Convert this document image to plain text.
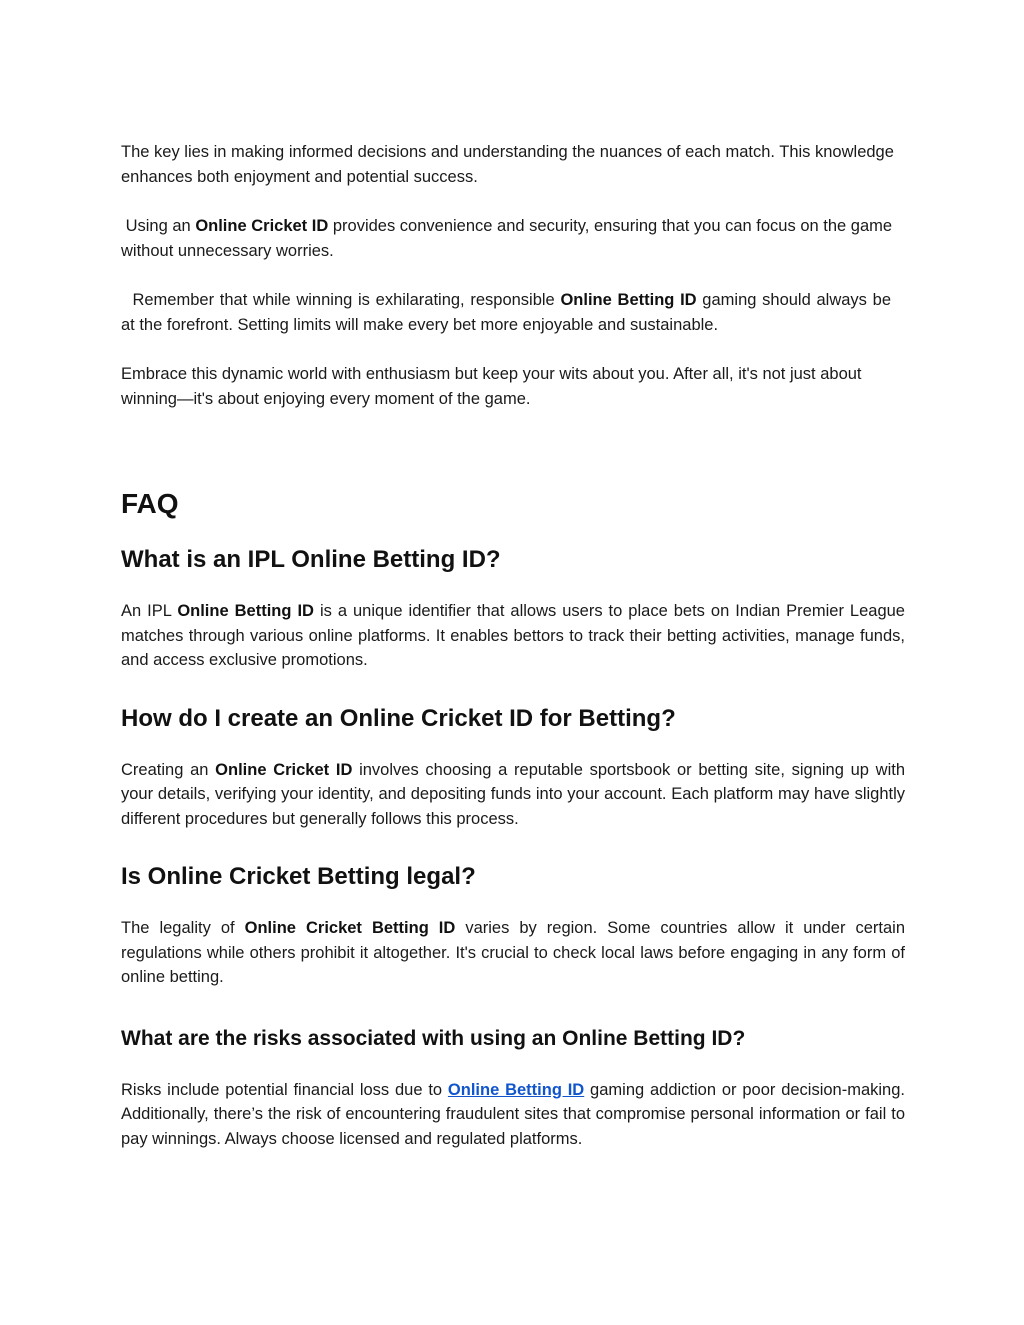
The key lies in making informed decisions and understanding the nuances of each match. This knowledge enhances both enjoyment and potential success.

Using an Online Cricket ID provides convenience and security, ensuring that you can focus on the game without unnecessary worries.

Remember that while winning is exhilarating, responsible Online Betting ID gaming should always be at the forefront. Setting limits will make every bet more enjoyable and sustainable.

Embrace this dynamic world with enthusiasm but keep your wits about you. After all, it's not just about winning—it's about enjoying every moment of the game.

FAQ
What is an IPL Online Betting ID?

An IPL Online Betting ID is a unique identifier that allows users to place bets on Indian Premier League matches through various online platforms. It enables bettors to track their betting activities, manage funds, and access exclusive promotions.

How do I create an Online Cricket ID for Betting?

Creating an Online Cricket ID involves choosing a reputable sportsbook or betting site, signing up with your details, verifying your identity, and depositing funds into your account. Each platform may have slightly different procedures but generally follows this process.

Is Online Cricket Betting legal?

The legality of Online Cricket Betting ID varies by region. Some countries allow it under certain regulations while others prohibit it altogether. It's crucial to check local laws before engaging in any form of online betting.

What are the risks associated with using an Online Betting ID?

Risks include potential financial loss due to Online Betting ID gaming addiction or poor decision-making. Additionally, there’s the risk of encountering fraudulent sites that compromise personal information or fail to pay winnings. Always choose licensed and regulated platforms.
